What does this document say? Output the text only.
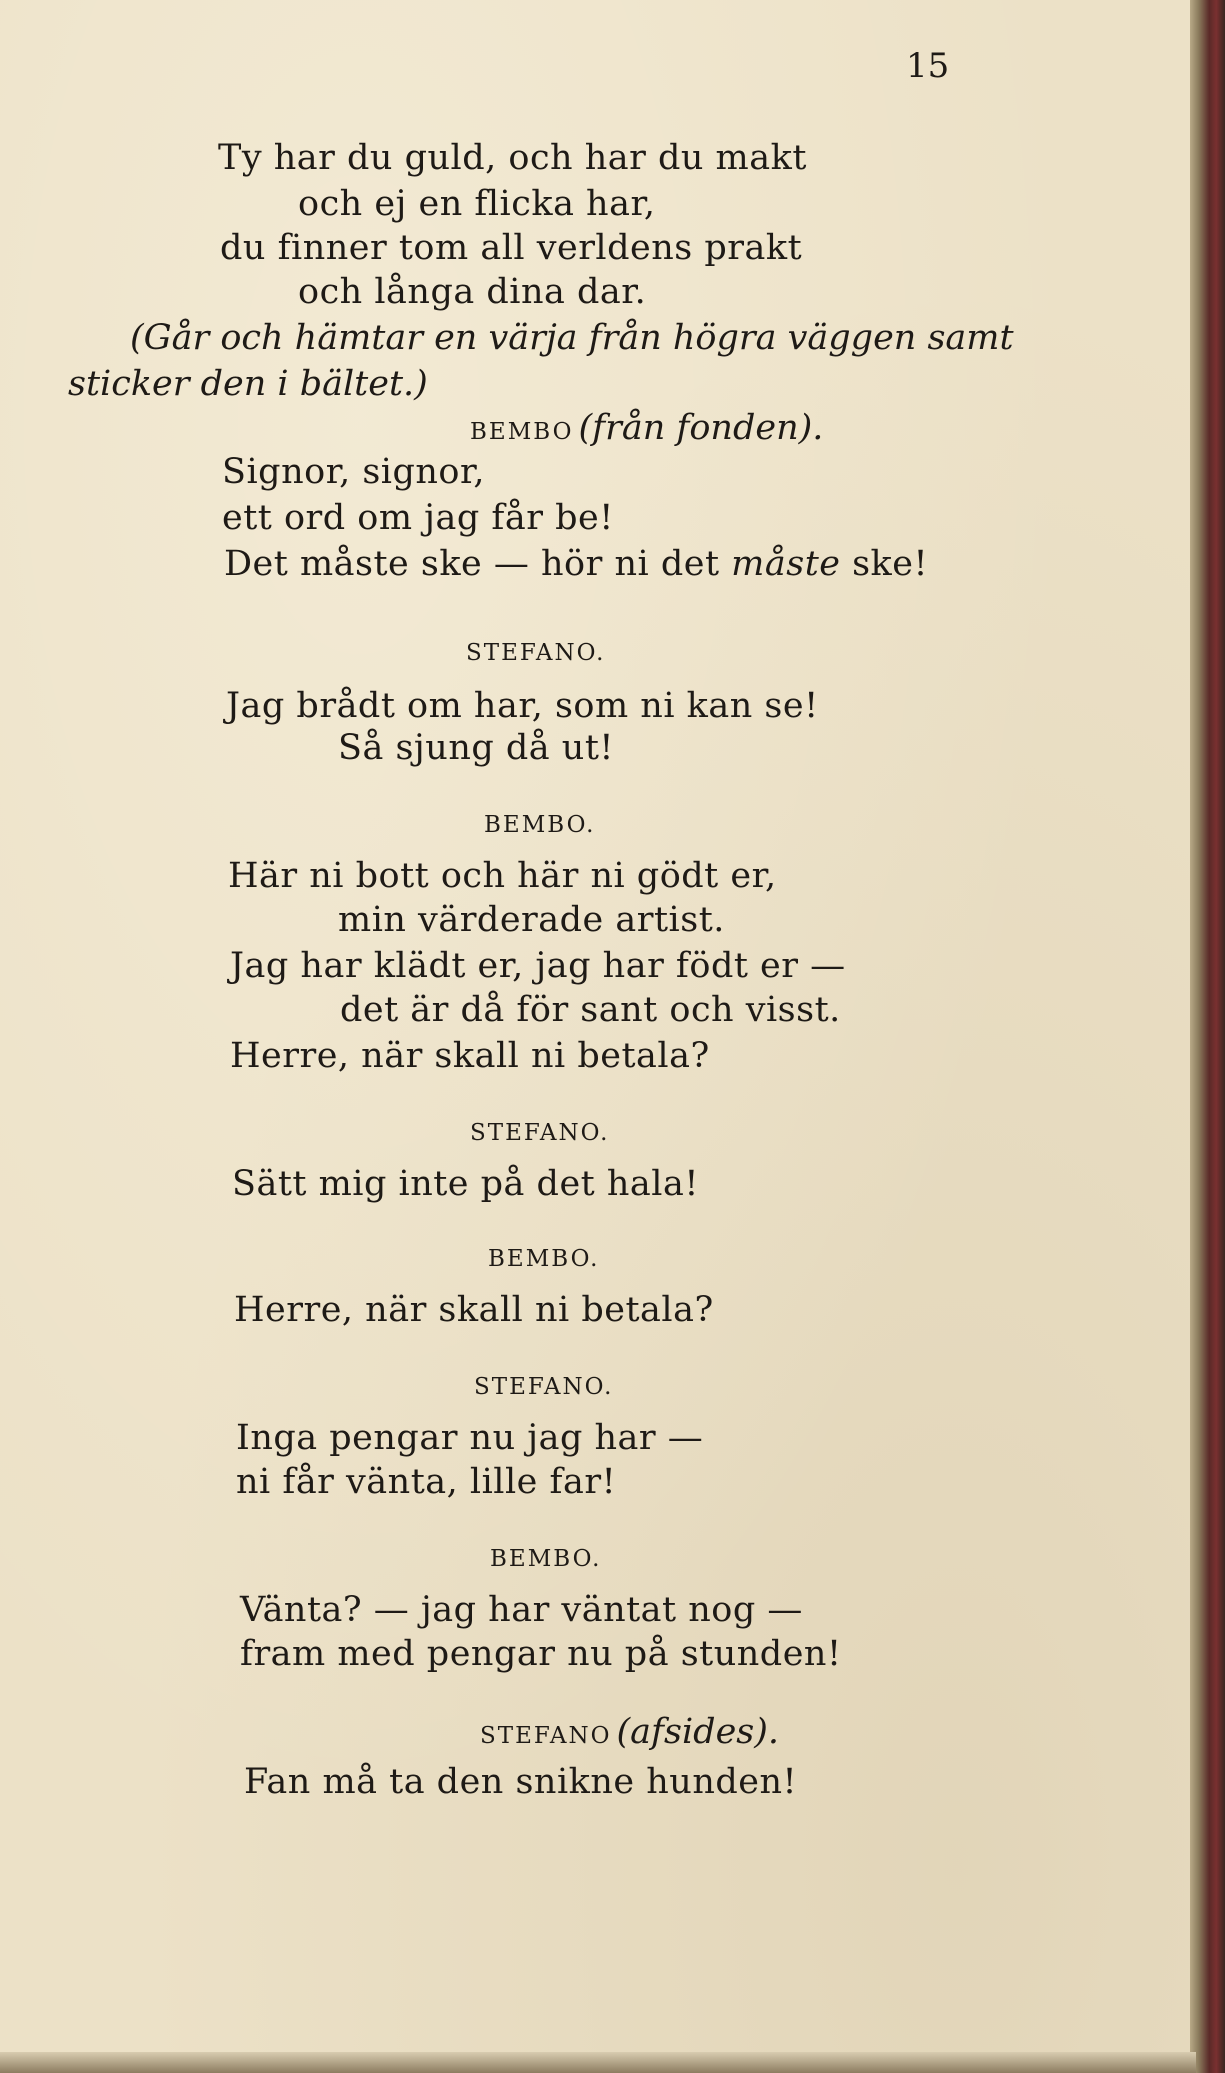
15
Ty har du guld, och har du makt
och ej en flicka har,
du finner tom all verldens prakt
och långa dina dar.
(Går och hämtar en värja från högra väggen samt
sticker den i bältet.)
BEMBO (från fonden).
Signor, signor,
ett ord om jag får be!
Det måste ske — hör ni det måste ske!
STEFANO.
Jag brådt om har, som ni kan se!
Så sjung då ut!
BEMBO.
Här ni bott och här ni gödt er,
min värderade artist.
Jag har klädt er, jag har födt er —
det är då för sant och visst.
Herre, när skall ni betala?
STEFANO.
Sätt mig inte på det hala!
BEMBO.
Herre, när skall ni betala?
STEFANO.
Inga pengar nu jag har —
ni får vänta, lille far!
BEMBO.
Vänta? — jag har väntat nog —
fram med pengar nu på stunden!
STEFANO (afsides).
Fan må ta den snikne hunden!
